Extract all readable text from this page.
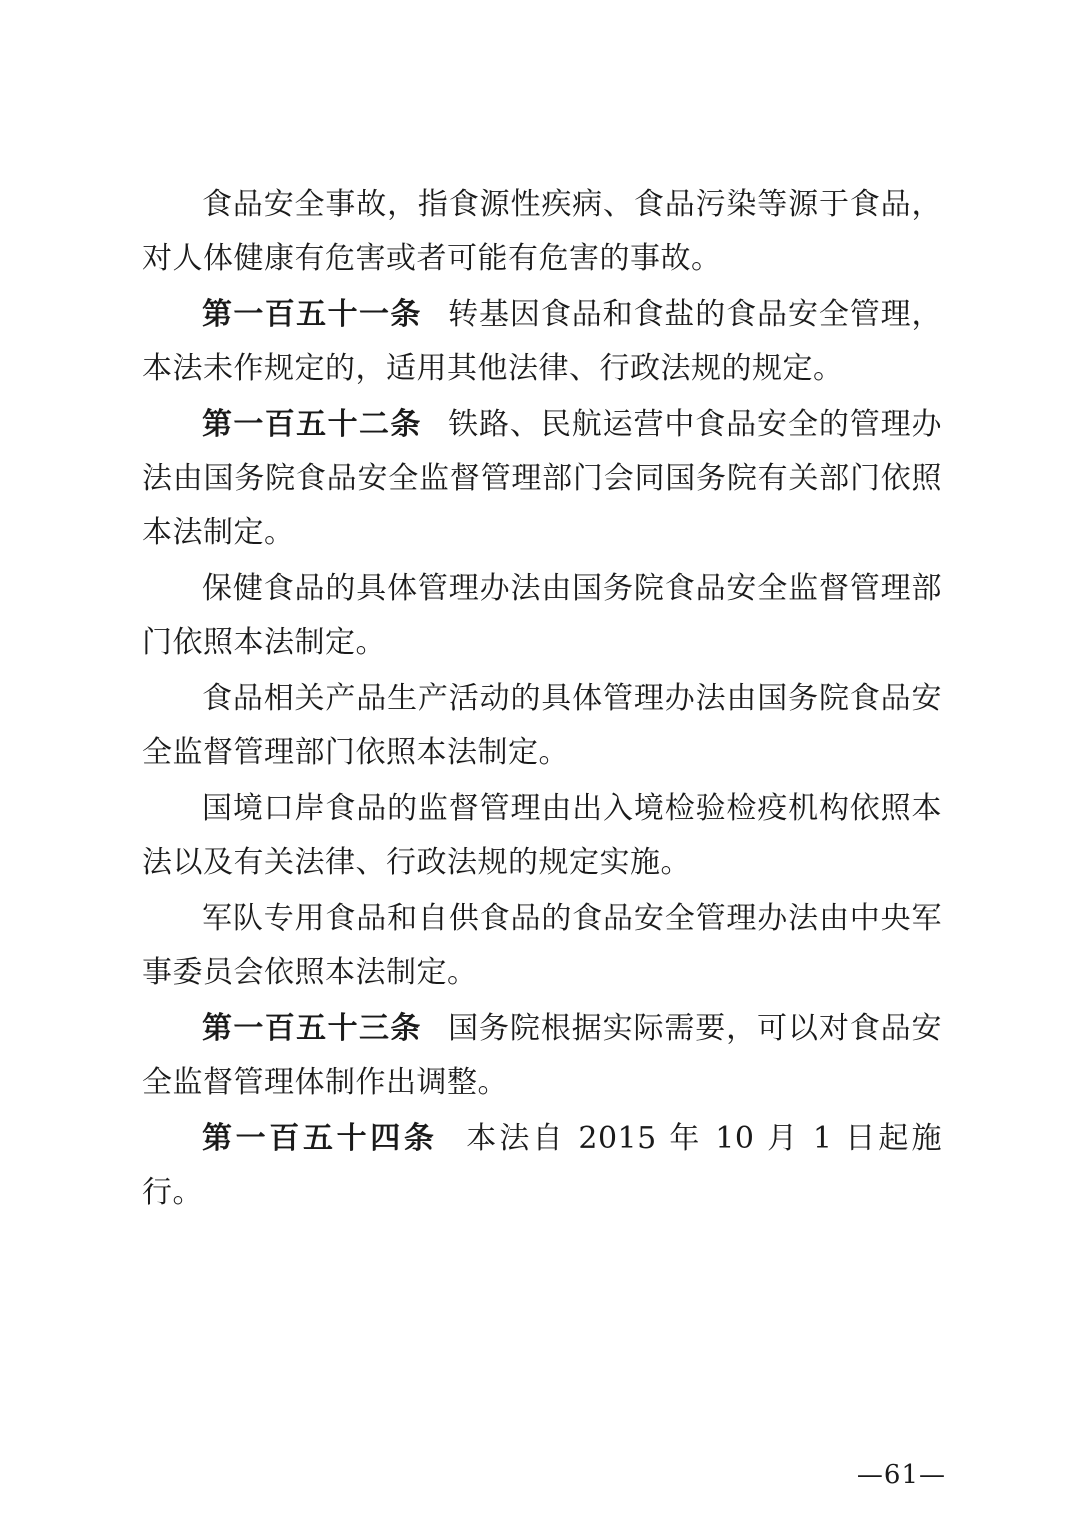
食品安全事故，指食源性疾病、食品污染等源于食品，对人体健康有危害或者可能有危害的事故。

第一百五十一条 转基因食品和食盐的食品安全管理，本法未作规定的，适用其他法律、行政法规的规定。

第一百五十二条 铁路、民航运营中食品安全的管理办法由国务院食品安全监督管理部门会同国务院有关部门依照本法制定。

保健食品的具体管理办法由国务院食品安全监督管理部门依照本法制定。

食品相关产品生产活动的具体管理办法由国务院食品安全监督管理部门依照本法制定。

国境口岸食品的监督管理由出入境检验检疫机构依照本法以及有关法律、行政法规的规定实施。

军队专用食品和自供食品的食品安全管理办法由中央军事委员会依照本法制定。

第一百五十三条 国务院根据实际需要，可以对食品安全监督管理体制作出调整。

第一百五十四条 本法自 2015 年 10 月 1 日起施行。

—61—
